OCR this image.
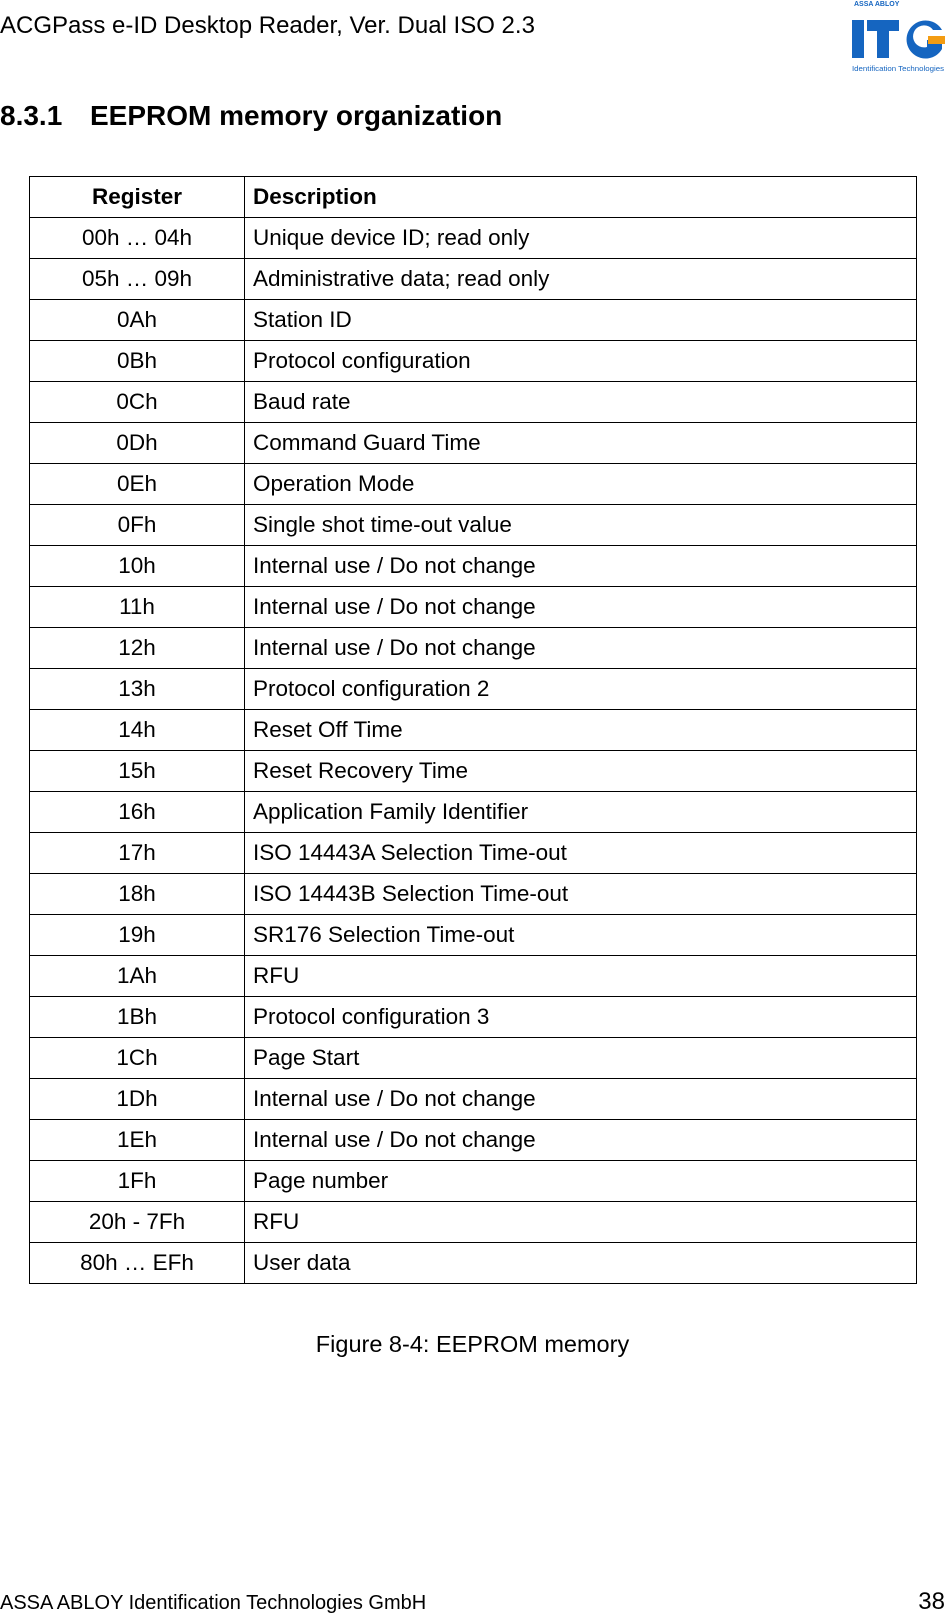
ACGPass e-ID Desktop Reader, Ver. Dual ISO 2.3
ASSA ABLOY
Identification Technologies
8.3.1 EEPROM memory organization
Register	Description
00h … 04h	Unique device ID; read only
05h … 09h	Administrative data; read only
0Ah	Station ID
0Bh	Protocol configuration
0Ch	Baud rate
0Dh	Command Guard Time
0Eh	Operation Mode
0Fh	Single shot time-out value
10h	Internal use / Do not change
11h	Internal use / Do not change
12h	Internal use / Do not change
13h	Protocol configuration 2
14h	Reset Off Time
15h	Reset Recovery Time
16h	Application Family Identifier
17h	ISO 14443A Selection Time-out
18h	ISO 14443B Selection Time-out
19h	SR176 Selection Time-out
1Ah	RFU
1Bh	Protocol configuration 3
1Ch	Page Start
1Dh	Internal use / Do not change
1Eh	Internal use / Do not change
1Fh	Page number
20h - 7Fh	RFU
80h … EFh	User data
Figure 8-4: EEPROM memory
ASSA ABLOY Identification Technologies GmbH	38
